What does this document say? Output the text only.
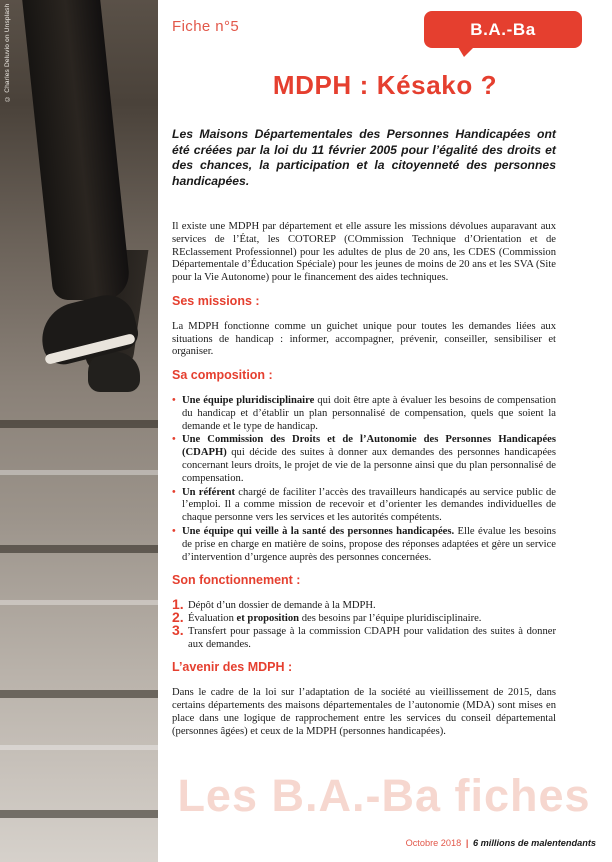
© Charles Deluvio on Unsplash	Fiche n°5	B.A.-Ba
MDPH : Késako ?
Les Maisons Départementales des Personnes Handicapées ont été créées par la loi du 11 février 2005 pour l’égalité des droits et des chances, la participation et la citoyenneté des personnes handicapées.

Il existe une MDPH par département et elle assure les missions dévolues auparavant aux services de l’État, les COTOREP (COmmission Technique d’Orientation et de REclassement Professionnel) pour les adultes de plus de 20 ans, les CDES (Commission Départementale d’Éducation Spéciale) pour les jeunes de moins de 20 ans et les SVA (Site pour la Vie Autonome) pour le financement des aides techniques.

Ses missions :

La MDPH fonctionne comme un guichet unique pour toutes les demandes liées aux situations de handicap : informer, accompagner, prévenir, conseiller, sensibiliser et organiser.

Sa composition :
• Une équipe pluridisciplinaire qui doit être apte à évaluer les besoins de compensation du handicap et d’établir un plan personnalisé de compensation, quels que soient la demande et le type de handicap.
• Une Commission des Droits et de l’Autonomie des Personnes Handicapées (CDAPH) qui décide des suites à donner aux demandes des personnes handicapées concernant leurs droits, le projet de vie de la personne ainsi que du plan personnalisé de compensation.
• Un référent chargé de faciliter l’accès des travailleurs handicapés au service public de l’emploi. Il a comme mission de recevoir et d’orienter les demandes individuelles de chaque personne vers les services et les autorités compétents.
• Une équipe qui veille à la santé des personnes handicapées. Elle évalue les besoins de prise en charge en matière de soins, propose des réponses adaptées et gère un service d’intervention d’urgence auprès des personnes concernées.
Son fonctionnement :
1. Dépôt d’un dossier de demande à la MDPH.
2. Évaluation et proposition des besoins par l’équipe pluridisciplinaire.
3. Transfert pour passage à la commission CDAPH pour validation des suites à donner aux demandes.
L’avenir des MDPH :

Dans le cadre de la loi sur l’adaptation de la société au vieillissement de 2015, dans certains départements des maisons départementales de l’autonomie (MDA) sont mises en place dans une logique de rapprochement entre les services du conseil départemental (personnes âgées) et ceux de la MDPH (personnes handicapées).

Les B.A.-Ba fiches
Octobre 2018 | 6 millions de malentendants
